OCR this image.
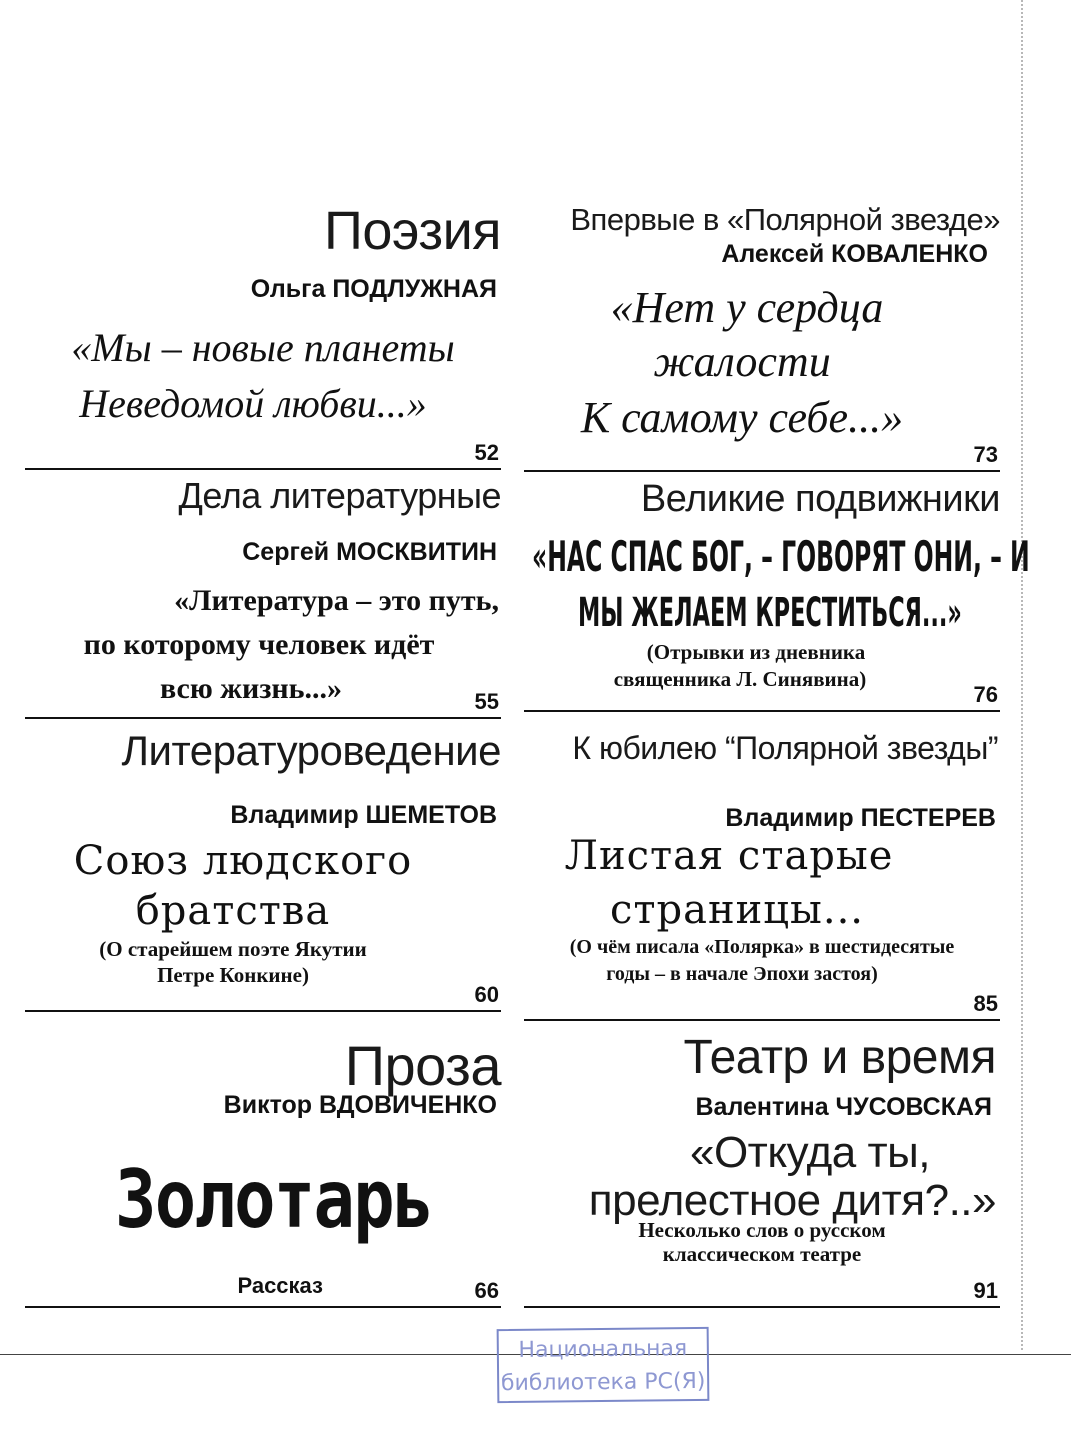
Поэзия
Ольга ПОДЛУЖНАЯ
«Мы – новые планеты
Неведомой любви...»
52
Впервые в «Полярной звезде»
Алексей КОВАЛЕНКО
«Нет у сердца
жалости
К самому себе...»
73
Дела литературные
Сергей МОСКВИТИН
«Литература – это путь,
по которому человек идёт
всю жизнь...»	55
Великие подвижники
«НАС СПАС БОГ, – ГОВОРЯТ ОНИ, – И
МЫ ЖЕЛАЕМ КРЕСТИТЬСЯ...»
(Отрывки из дневника
священника Л. Синявина)
76
Литературоведение
Владимир ШЕМЕТОВ
Союз людского
братства
(О старейшем поэте Якутии
Петре Конкине)
60
К юбилею “Полярной звезды”
Владимир ПЕСТЕРЕВ
Листая старые
страницы...
(О чём писала «Полярка» в шестидесятые
годы – в начале Эпохи застоя)
85
Проза
Виктор ВДОВИЧЕНКО
Золотарь
Рассказ	66
Театр и время
Валентина ЧУСОВСКАЯ
«Откуда ты,
прелестное дитя?..»
Несколько слов о русском
классическом театре
91
Национальная
библиотека РС(Я)
